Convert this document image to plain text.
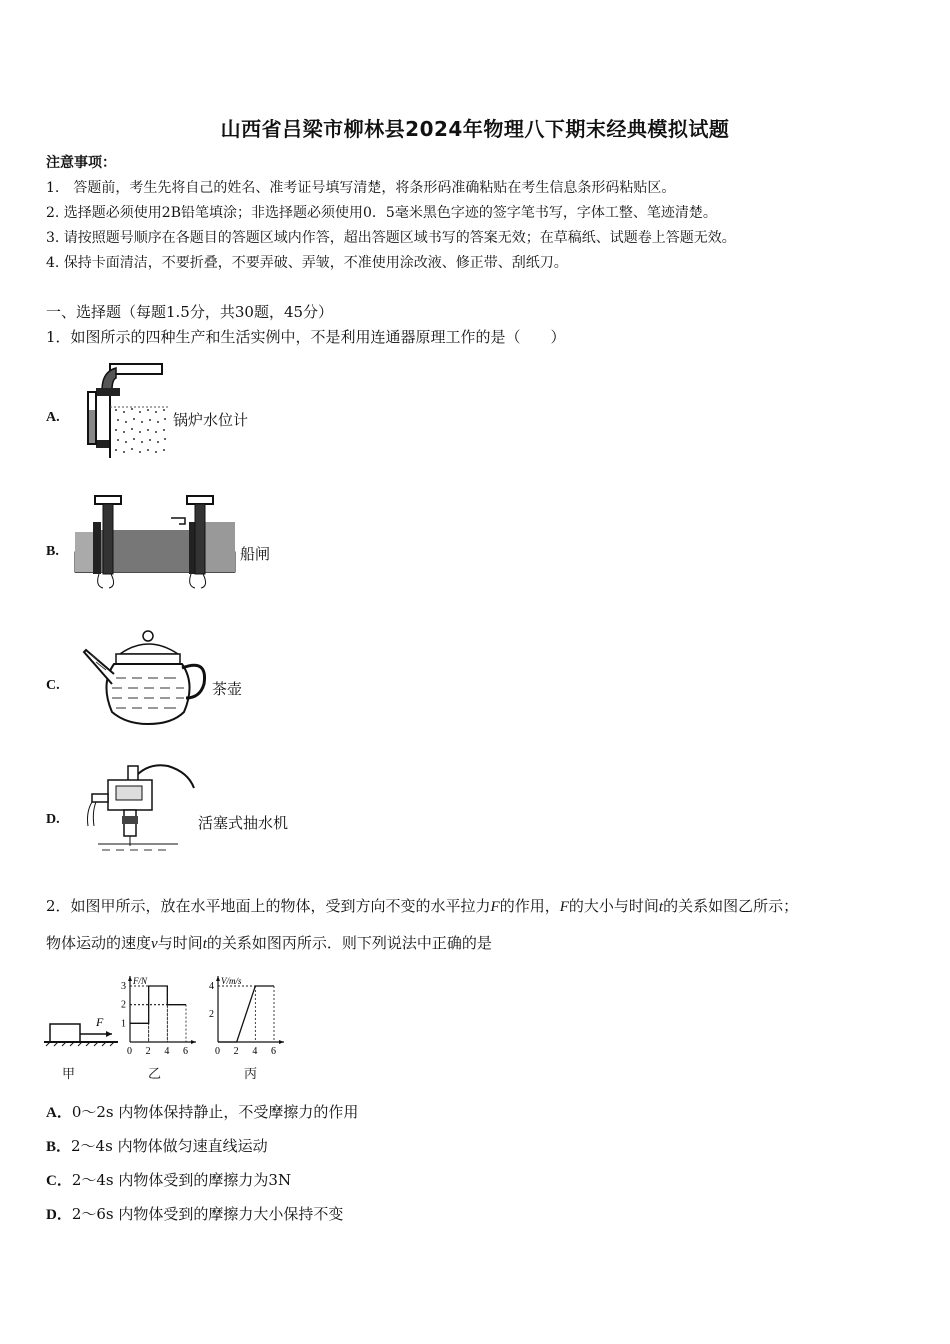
山西省吕梁市柳林县2024年物理八下期末经典模拟试题
注意事项：
1.　答题前，考生先将自己的姓名、准考证号填写清楚，将条形码准确粘贴在考生信息条形码粘贴区。
2. 选择题必须使用2B铅笔填涂；非选择题必须使用0．5毫米黑色字迹的签字笔书写，字体工整、笔迹清楚。
3. 请按照题号顺序在各题目的答题区域内作答，超出答题区域书写的答案无效；在草稿纸、试题卷上答题无效。
4. 保持卡面清洁，不要折叠，不要弄破、弄皱，不准使用涂改液、修正带、刮纸刀。
一、选择题（每题1.5分，共30题，45分）
1．如图所示的四种生产和生活实例中，不是利用连通器原理工作的是（　　）
A.	锅炉水位计
B.	船闸
C.	茶壶
D.	活塞式抽水机
2．如图甲所示，放在水平地面上的物体，受到方向不变的水平拉力F的作用，F的大小与时间t的关系如图乙所示；
物体运动的速度v与时间t的关系如图丙所示．则下列说法中正确的是
F
甲
F/N
0 2 4 6
1
2
3
乙
V/m/s
0 2 4 6
2
4
丙
A．0～2s 内物体保持静止，不受摩擦力的作用
B．2～4s 内物体做匀速直线运动
C．2～4s 内物体受到的摩擦力为3N
D．2～6s 内物体受到的摩擦力大小保持不变
